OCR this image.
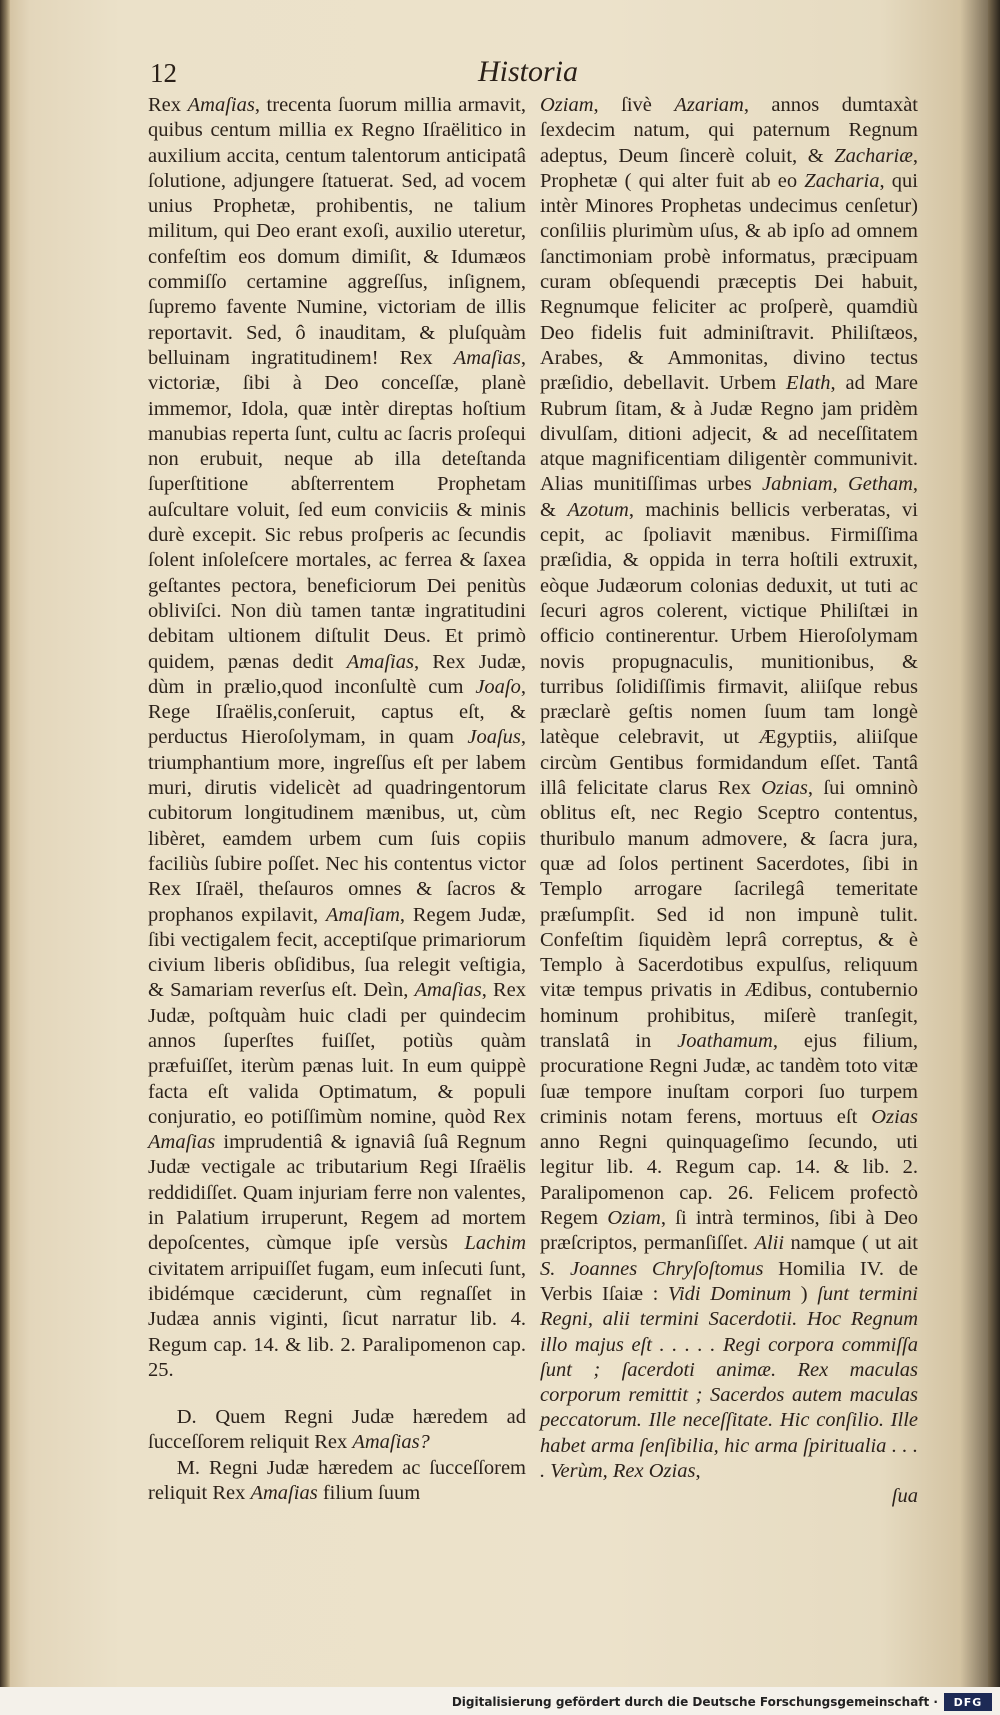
12	Historia

Rex Amaſias, trecenta ſuorum millia armavit, quibus centum millia ex Regno Iſraëlitico in auxilium accita, centum talentorum anticipatâ ſolutione, adjungere ſtatuerat. Sed, ad vocem unius Prophetæ, prohibentis, ne talium militum, qui Deo erant exoſi, auxilio uteretur, confeſtim eos domum dimiſit, & Idumæos commiſſo certamine aggreſſus, inſignem, ſupremo favente Numine, victoriam de illis reportavit. Sed, ô inauditam, & pluſquàm belluinam ingratitudinem! Rex Amaſias, victoriæ, ſibi à Deo conceſſæ, planè immemor, Idola, quæ intèr direptas hoſtium manubias reperta ſunt, cultu ac ſacris proſequi non erubuit, neque ab illa deteſtanda ſuperſtitione abſterrentem Prophetam auſcultare voluit, ſed eum conviciis & minis durè excepit. Sic rebus proſperis ac ſecundis ſolent inſoleſcere mortales, ac ferrea & ſaxea geſtantes pectora, beneficiorum Dei penitùs obliviſci. Non diù tamen tantæ ingratitudini debitam ultionem diſtulit Deus. Et primò quidem, pænas dedit Amaſias, Rex Judæ, dùm in prælio,quod inconſultè cum Joaſo, Rege Iſraëlis,conſeruit, captus eſt, & perductus Hieroſolymam, in quam Joaſus, triumphantium more, ingreſſus eſt per labem muri, dirutis videlicèt ad quadringentorum cubitorum longitudinem mænibus, ut, cùm libèret, eamdem urbem cum ſuis copiis faciliùs ſubire poſſet. Nec his contentus victor Rex Iſraël, theſauros omnes & ſacros & prophanos expilavit, Amaſiam, Regem Judæ, ſibi vectigalem fecit, acceptiſque primariorum civium liberis obſidibus, ſua relegit veſtigia, & Samariam reverſus eſt. Deìn, Amaſias, Rex Judæ, poſtquàm huic cladi per quindecim annos ſuperſtes fuiſſet, potiùs quàm præfuiſſet, iterùm pænas luit. In eum quippè facta eſt valida Optimatum, & populi conjuratio, eo potiſſimùm nomine, quòd Rex Amaſias imprudentiâ & ignaviâ ſuâ Regnum Judæ vectigale ac tributarium Regi Iſraëlis reddidiſſet. Quam injuriam ferre non valentes, in Palatium irruperunt, Regem ad mortem depoſcentes, cùmque ipſe versùs Lachim civitatem arripuiſſet fugam, eum inſecuti ſunt, ibidémque cæciderunt, cùm regnaſſet in Judæa annis viginti, ſicut narratur lib. 4. Regum cap. 14. & lib. 2. Paralipomenon cap. 25.

D. Quem Regni Judæ hæredem ad ſucceſſorem reliquit Rex Amaſias?

M. Regni Judæ hæredem ac ſucceſſorem reliquit Rex Amaſias filium ſuum

Oziam, ſivè Azariam, annos dumtaxàt ſexdecim natum, qui paternum Regnum adeptus, Deum ſincerè coluit, & Zachariæ, Prophetæ ( qui alter fuit ab eo Zacharia, qui intèr Minores Prophetas undecimus cenſetur) conſiliis plurimùm uſus, & ab ipſo ad omnem ſanctimoniam probè informatus, præcipuam curam obſequendi præceptis Dei habuit, Regnumque feliciter ac proſperè, quamdiù Deo fidelis fuit adminiſtravit. Philiſtæos, Arabes, & Ammonitas, divino tectus præſidio, debellavit. Urbem Elath, ad Mare Rubrum ſitam, & à Judæ Regno jam pridèm divulſam, ditioni adjecit, & ad neceſſitatem atque magnificentiam diligentèr communivit. Alias munitiſſimas urbes Jabniam, Getham, & Azotum, machinis bellicis verberatas, vi cepit, ac ſpoliavit mænibus. Firmiſſima præſidia, & oppida in terra hoſtili extruxit, eòque Judæorum colonias deduxit, ut tuti ac ſecuri agros colerent, victique Philiſtæi in officio continerentur. Urbem Hieroſolymam novis propugnaculis, munitionibus, & turribus ſolidiſſimis firmavit, aliiſque rebus præclarè geſtis nomen ſuum tam longè latèque celebravit, ut Ægyptiis, aliiſque circùm Gentibus formidandum eſſet. Tantâ illâ felicitate clarus Rex Ozias, ſui omninò oblitus eſt, nec Regio Sceptro contentus, thuribulo manum admovere, & ſacra jura, quæ ad ſolos pertinent Sacerdotes, ſibi in Templo arrogare ſacrilegâ temeritate præſumpſit. Sed id non impunè tulit. Confeſtim ſiquidèm leprâ correptus, & è Templo à Sacerdotibus expulſus, reliquum vitæ tempus privatis in Ædibus, contubernio hominum prohibitus, miſerè tranſegit, translatâ in Joathamum, ejus filium, procuratione Regni Judæ, ac tandèm toto vitæ ſuæ tempore inuſtam corpori ſuo turpem criminis notam ferens, mortuus eſt Ozias anno Regni quinquageſimo ſecundo, uti legitur lib. 4. Regum cap. 14. & lib. 2. Paralipomenon cap. 26. Felicem profectò Regem Oziam, ſi intrà terminos, ſibi à Deo præſcriptos, permanſiſſet. Alii namque ( ut ait S. Joannes Chryſoſtomus Homilia IV. de Verbis Iſaiæ : Vidi Dominum ) ſunt termini Regni, alii termini Sacerdotii. Hoc Regnum illo majus eſt . . . . . Regi corpora commiſſa ſunt ; ſacerdoti animæ. Rex maculas corporum remittit ; Sacerdos autem maculas peccatorum. Ille neceſſitate. Hic conſilio. Ille habet arma ſenſibilia, hic arma ſpiritualia . . . . Verùm, Rex Ozias,

ſua

Digitalisierung gefördert durch die Deutsche Forschungsgemeinschaft ·	DFG
